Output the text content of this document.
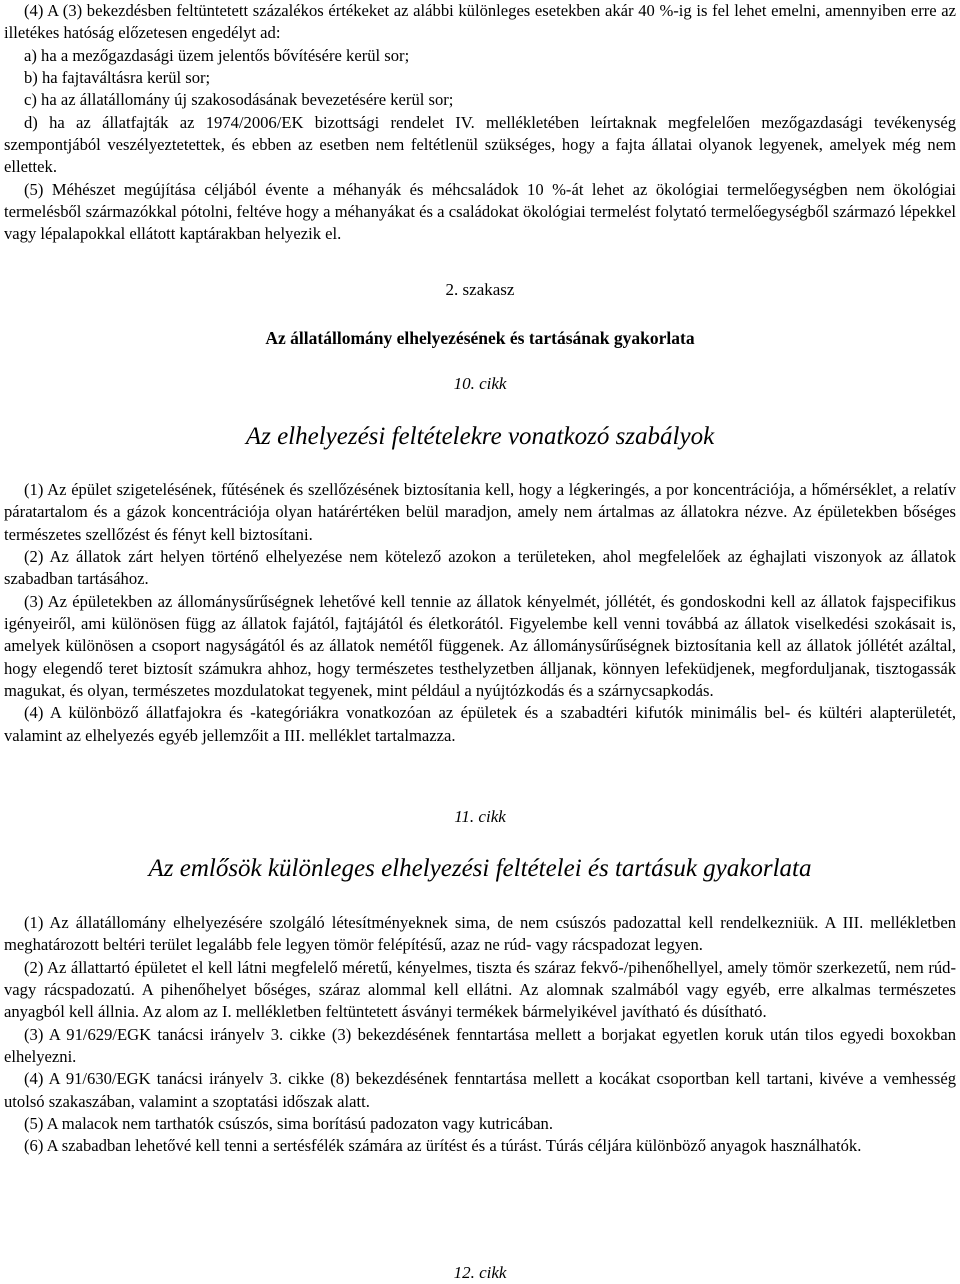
(4) A (3) bekezdésben feltüntetett százalékos értékeket az alábbi különleges esetekben akár 40 %-ig is fel lehet emelni, amennyiben erre az illetékes hatóság előzetesen engedélyt ad:

a) ha a mezőgazdasági üzem jelentős bővítésére kerül sor;

b) ha fajtaváltásra kerül sor;

c) ha az állatállomány új szakosodásának bevezetésére kerül sor;

d) ha az állatfajták az 1974/2006/EK bizottsági rendelet IV. mellékletében leírtaknak megfelelően mezőgazdasági tevékenység szempontjából veszélyeztetettek, és ebben az esetben nem feltétlenül szükséges, hogy a fajta állatai olyanok legyenek, amelyek még nem ellettek.

(5) Méhészet megújítása céljából évente a méhanyák és méhcsaládok 10 %-át lehet az ökológiai termelőegységben nem ökológiai termelésből származókkal pótolni, feltéve hogy a méhanyákat és a családokat ökológiai termelést folytató termelőegységből származó lépekkel vagy lépalapokkal ellátott kaptárakban helyezik el.

2. szakasz
Az állatállomány elhelyezésének és tartásának gyakorlata
10. cikk
Az elhelyezési feltételekre vonatkozó szabályok

(1) Az épület szigetelésének, fűtésének és szellőzésének biztosítania kell, hogy a légkeringés, a por koncentrációja, a hőmérséklet, a relatív páratartalom és a gázok koncentrációja olyan határértéken belül maradjon, amely nem ártalmas az állatokra nézve. Az épületekben bőséges természetes szellőzést és fényt kell biztosítani.

(2) Az állatok zárt helyen történő elhelyezése nem kötelező azokon a területeken, ahol megfelelőek az éghajlati viszonyok az állatok szabadban tartásához.

(3) Az épületekben az állománysűrűségnek lehetővé kell tennie az állatok kényelmét, jóllétét, és gondoskodni kell az állatok fajspecifikus igényeiről, ami különösen függ az állatok fajától, fajtájától és életkorától. Figyelembe kell venni továbbá az állatok viselkedési szokásait is, amelyek különösen a csoport nagyságától és az állatok nemétől függenek. Az állománysűrűségnek biztosítania kell az állatok jóllétét azáltal, hogy elegendő teret biztosít számukra ahhoz, hogy természetes testhelyzetben álljanak, könnyen lefeküdjenek, megforduljanak, tisztogassák magukat, és olyan, természetes mozdulatokat tegyenek, mint például a nyújtózkodás és a szárnycsapkodás.

(4) A különböző állatfajokra és -kategóriákra vonatkozóan az épületek és a szabadtéri kifutók minimális bel- és kültéri alapterületét, valamint az elhelyezés egyéb jellemzőit a III. melléklet tartalmazza.

11. cikk
Az emlősök különleges elhelyezési feltételei és tartásuk gyakorlata

(1) Az állatállomány elhelyezésére szolgáló létesítményeknek sima, de nem csúszós padozattal kell rendelkezniük. A III. mellékletben meghatározott beltéri terület legalább fele legyen tömör felépítésű, azaz ne rúd- vagy rácspadozat legyen.

(2) Az állattartó épületet el kell látni megfelelő méretű, kényelmes, tiszta és száraz fekvő-/pihenőhellyel, amely tömör szerkezetű, nem rúd- vagy rácspadozatú. A pihenőhelyet bőséges, száraz alommal kell ellátni. Az alomnak szalmából vagy egyéb, erre alkalmas természetes anyagból kell állnia. Az alom az I. mellékletben feltüntetett ásványi termékek bármelyikével javítható és dúsítható.

(3) A 91/629/EGK tanácsi irányelv 3. cikke (3) bekezdésének fenntartása mellett a borjakat egyetlen koruk után tilos egyedi boxokban elhelyezni.

(4) A 91/630/EGK tanácsi irányelv 3. cikke (8) bekezdésének fenntartása mellett a kocákat csoportban kell tartani, kivéve a vemhesség utolsó szakaszában, valamint a szoptatási időszak alatt.

(5) A malacok nem tarthatók csúszós, sima borítású padozaton vagy kutricában.

(6) A szabadban lehetővé kell tenni a sertésfélék számára az ürítést és a túrást. Túrás céljára különböző anyagok használhatók.

12. cikk
